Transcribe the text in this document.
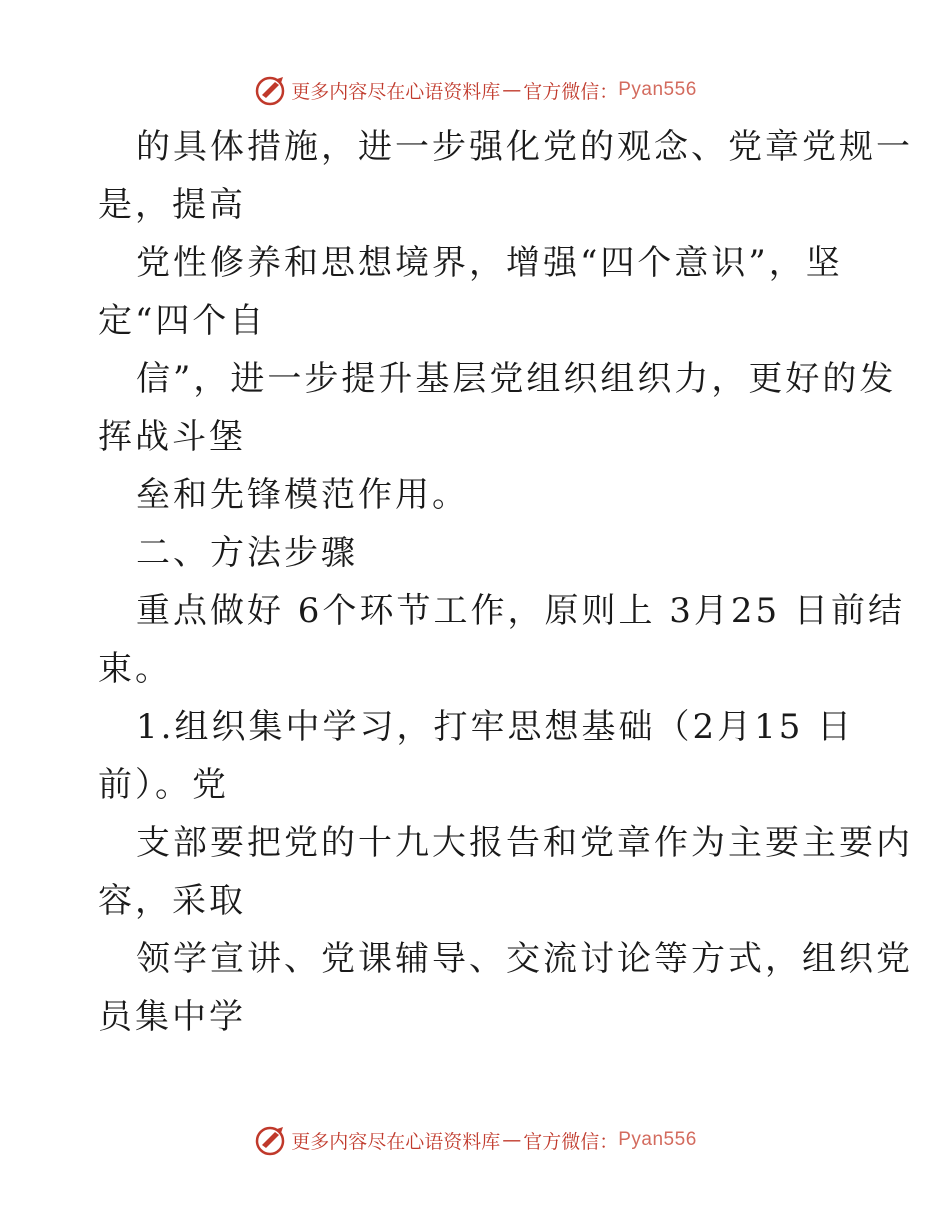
更多内容尽在心语资料库 — 官方微信： Pyan556
的具体措施，进一步强化党的观念、党章党规一
是，提高
党性修养和思想境界，增强“四个意识”，坚
定“四个自
信”，进一步提升基层党组织组织力，更好的发
挥战斗堡
垒和先锋模范作用。
二、方法步骤
重点做好 6个环节工作，原则上 3月25 日前结
束。
1.组织集中学习，打牢思想基础（2月15 日
前）。党
支部要把党的十九大报告和党章作为主要主要内
容，采取
领学宣讲、党课辅导、交流讨论等方式，组织党
员集中学
更多内容尽在心语资料库 — 官方微信： Pyan556
